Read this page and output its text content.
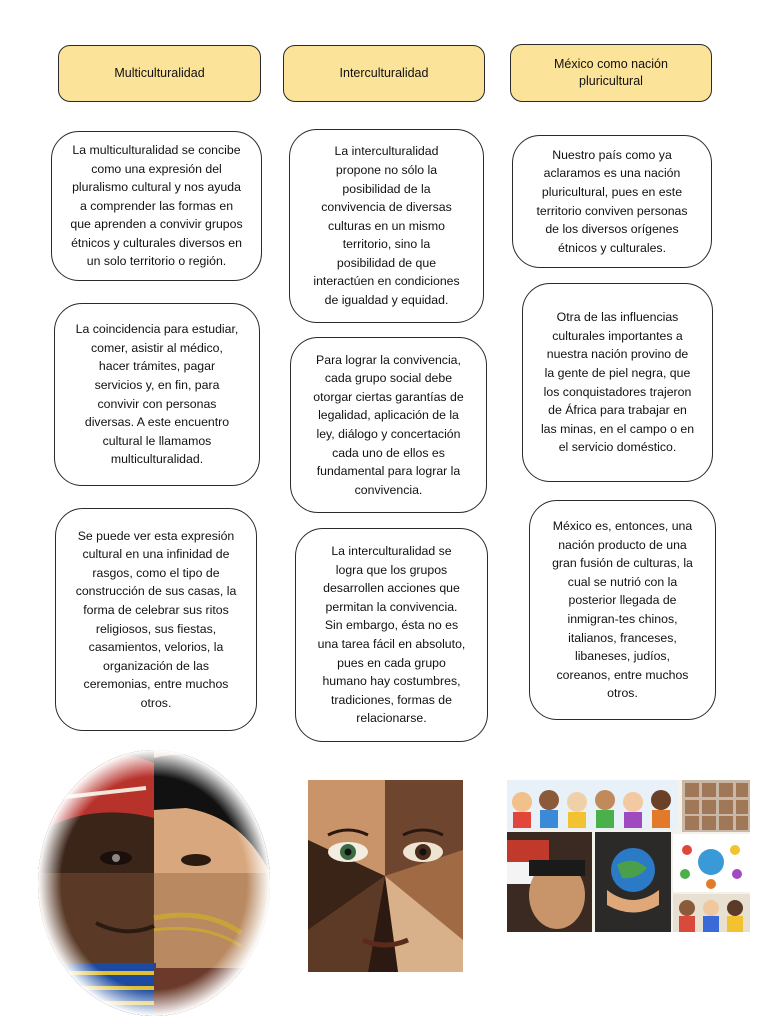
Multiculturalidad	Interculturalidad
México como nación
pluricultural
La multiculturalidad se concibe
como una expresión del
pluralismo cultural y nos ayuda
a comprender las formas en
que aprenden a convivir grupos
étnicos y culturales diversos en
un solo territorio o región.
La coincidencia para estudiar,
comer, asistir al médico,
hacer trámites, pagar
servicios y, en fin, para
convivir con personas
diversas. A este encuentro
cultural le llamamos
multiculturalidad.
Se puede ver esta expresión
cultural en una infinidad de
rasgos, como el tipo de
construcción de sus casas, la
forma de celebrar sus ritos
religiosos, sus fiestas,
casamientos, velorios, la
organización de las
ceremonias, entre muchos
otros.
La interculturalidad
propone no sólo la
posibilidad de la
convivencia de diversas
culturas en un mismo
territorio, sino la
posibilidad de que
interactúen en condiciones
de igualdad y equidad.
Para lograr la convivencia,
cada grupo social debe
otorgar ciertas garantías de
legalidad, aplicación de la
ley, diálogo y concertación
cada uno de ellos es
fundamental para lograr la
convivencia.
La interculturalidad se
logra que los grupos
desarrollen acciones que
permitan la convivencia.
Sin embargo, ésta no es
una tarea fácil en absoluto,
pues en cada grupo
humano hay costumbres,
tradiciones, formas de
relacionarse.
Nuestro país como ya
aclaramos es una nación
pluricultural, pues en este
territorio conviven personas
de los diversos orígenes
étnicos y culturales.
Otra de las influencias
culturales importantes a
nuestra nación provino de
la gente de piel negra, que
los conquistadores trajeron
de África para trabajar en
las minas, en el campo o en
el servicio doméstico.
México es, entonces, una
nación producto de una
gran fusión de culturas, la
cual se nutrió con la
posterior llegada de
inmigran-tes chinos,
italianos, franceses,
libaneses, judíos,
coreanos, entre muchos
otros.
